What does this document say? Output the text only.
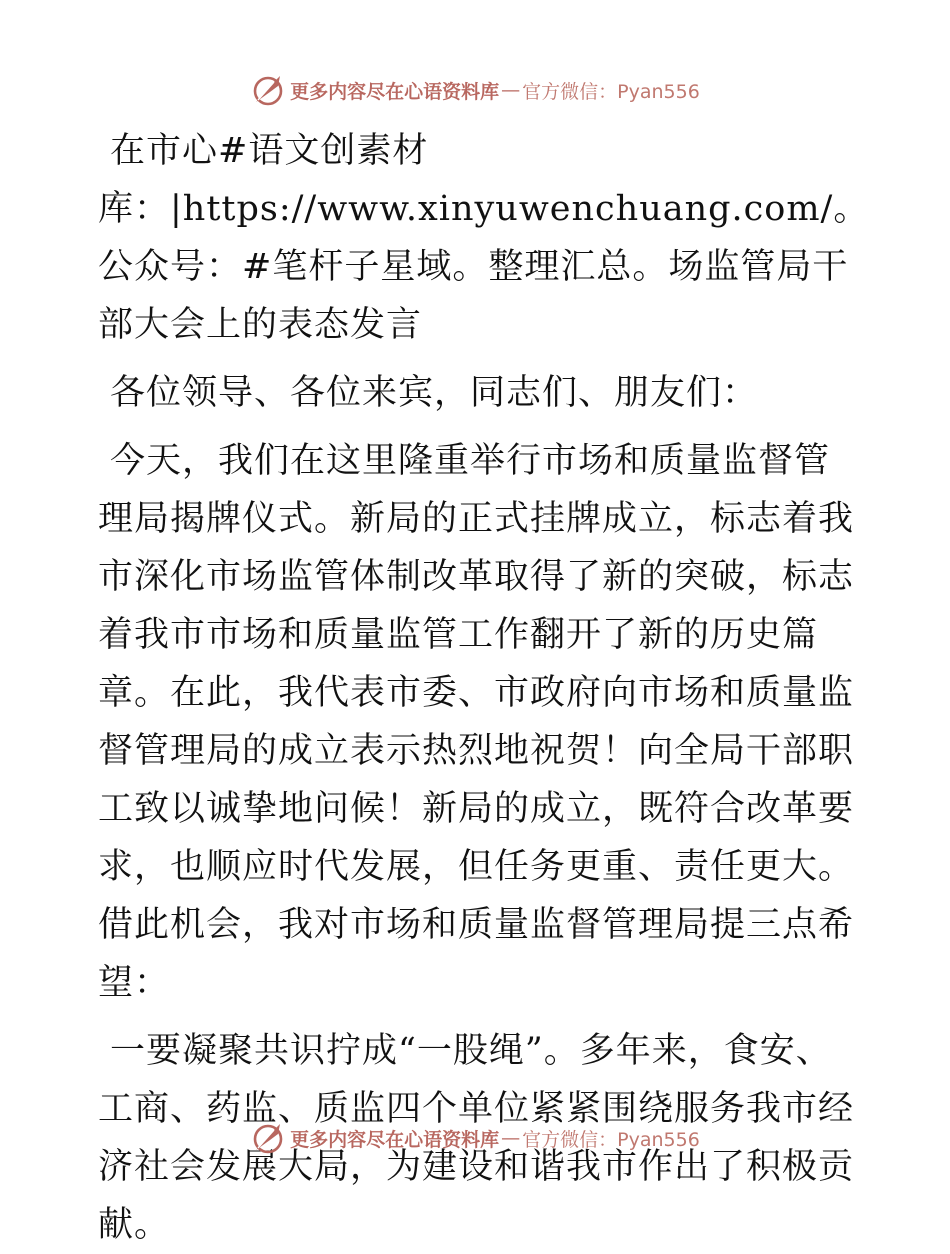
更多内容尽在心语资料库 — 官方微信：Pyan556

在市心#语文创素材库：|https://www.xinyuwenchuang.com/。公众号：#笔杆子星域。整理汇总。场监管局干部大会上的表态发言

各位领导、各位来宾，同志们、朋友们：

今天，我们在这里隆重举行市场和质量监督管理局揭牌仪式。新局的正式挂牌成立，标志着我市深化市场监管体制改革取得了新的突破，标志着我市市场和质量监管工作翻开了新的历史篇章。在此，我代表市委、市政府向市场和质量监督管理局的成立表示热烈地祝贺！向全局干部职工致以诚挚地问候！新局的成立，既符合改革要求，也顺应时代发展，但任务更重、责任更大。借此机会，我对市场和质量监督管理局提三点希望：

一要凝聚共识拧成“一股绳”。多年来，食安、工商、药监、质监四个单位紧紧围绕服务我市经济社会发展大局，为建设和谐我市作出了积极贡献。

更多内容尽在心语资料库 — 官方微信：Pyan556
